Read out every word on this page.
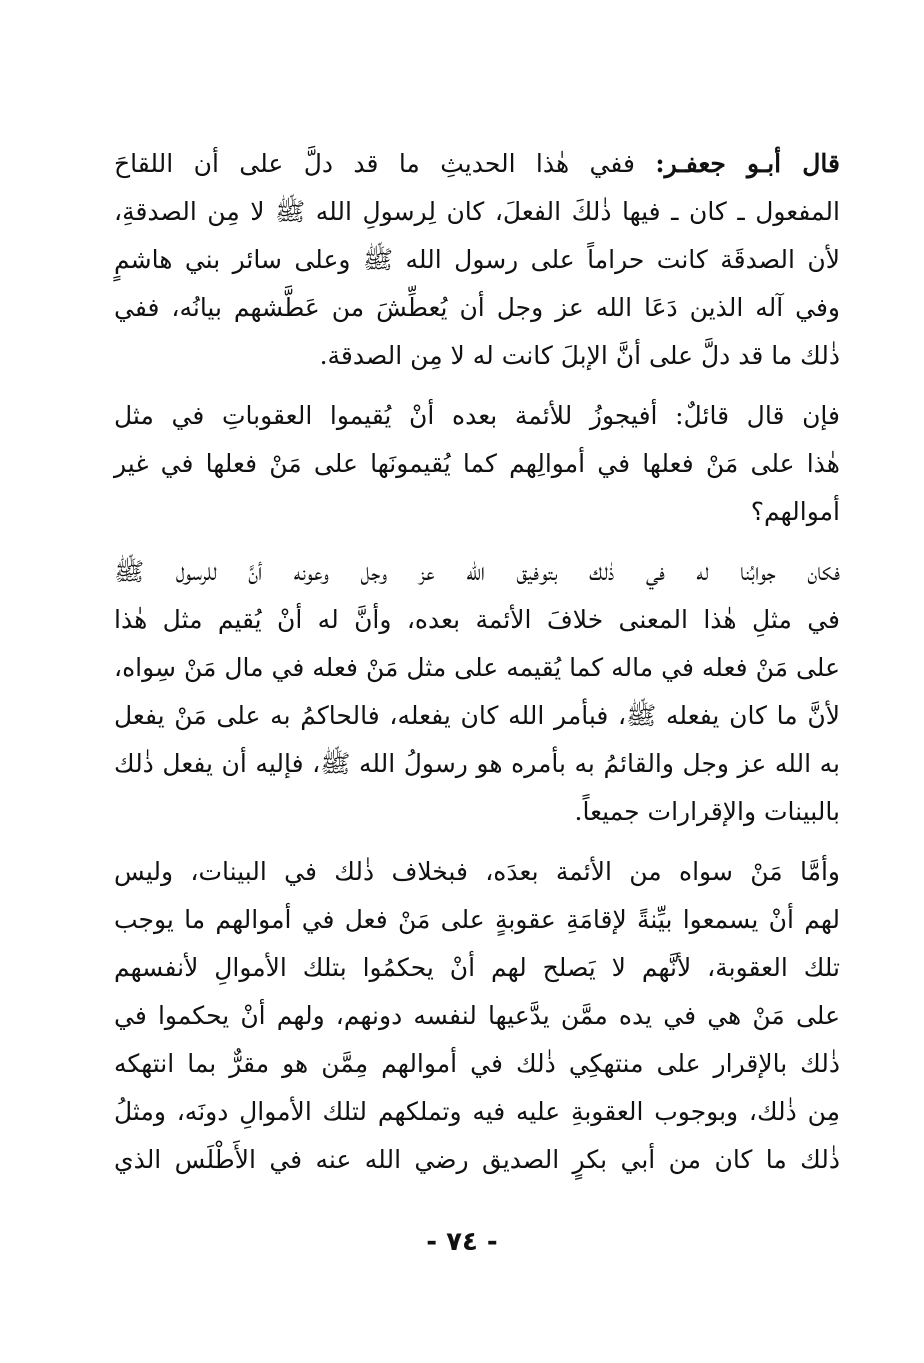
قال أبـو جعفـر: ففي هٰذا الحديثِ ما قد دلَّ على أن اللقاحَ
المفعول ـ كان ـ فيها ذٰلكَ الفعلَ، كان لِرسولِ الله ﷺ لا مِن الصدقةِ،
لأن الصدقَة كانت حراماً على رسول الله ﷺ وعلى سائر بني هاشمٍ
وفي آله الذين دَعَا الله عز وجل أن يُعطِّشَ من عَطَّشهم بيانُه، ففي
ذٰلك ما قد دلَّ على أنَّ الإبلَ كانت له لا مِن الصدقة.
فإن قال قائلٌ: أفيجوزُ للأئمة بعده أنْ يُقيموا العقوباتِ في مثل
هٰذا على مَنْ فعلها في أموالِهم كما يُقيمونَها على مَنْ فعلها في غير
أموالهم؟
فكان جوابُنا له في ذٰلك بتوفيق الله عز وجل وعونه أنَّ للرسول ﷺ
في مثلِ هٰذا المعنى خلافَ الأئمة بعده، وأنَّ له أنْ يُقيم مثل هٰذا
على مَنْ فعله في ماله كما يُقيمه على مثل مَنْ فعله في مال مَنْ سِواه،
لأنَّ ما كان يفعله ﷺ، فبأمر الله كان يفعله، فالحاكمُ به على مَنْ يفعل
به الله عز وجل والقائمُ به بأمره هو رسولُ الله ﷺ، فإليه أن يفعل ذٰلك
بالبينات والإقرارات جميعاً.
وأمَّا مَنْ سواه من الأئمة بعدَه، فبخلاف ذٰلك في البينات، وليس
لهم أنْ يسمعوا بيِّنةً لإقامَةِ عقوبةٍ على مَنْ فعل في أموالهم ما يوجب
تلك العقوبة، لأنَّهم لا يَصلح لهم أنْ يحكمُوا بتلك الأموالِ لأنفسهم
على مَنْ هي في يده ممَّن يدَّعيها لنفسه دونهم، ولهم أنْ يحكموا في
ذٰلك بالإقرار على منتهكِي ذٰلك في أموالهم مِمَّن هو مقرٌّ بما انتهكه
مِن ذٰلك، وبوجوب العقوبةِ عليه فيه وتملكهم لتلك الأموالِ دونَه، ومثلُ
ذٰلك ما كان من أبي بكرٍ الصديق رضي الله عنه في الأَطْلَس الذي
- ٧٤ -
